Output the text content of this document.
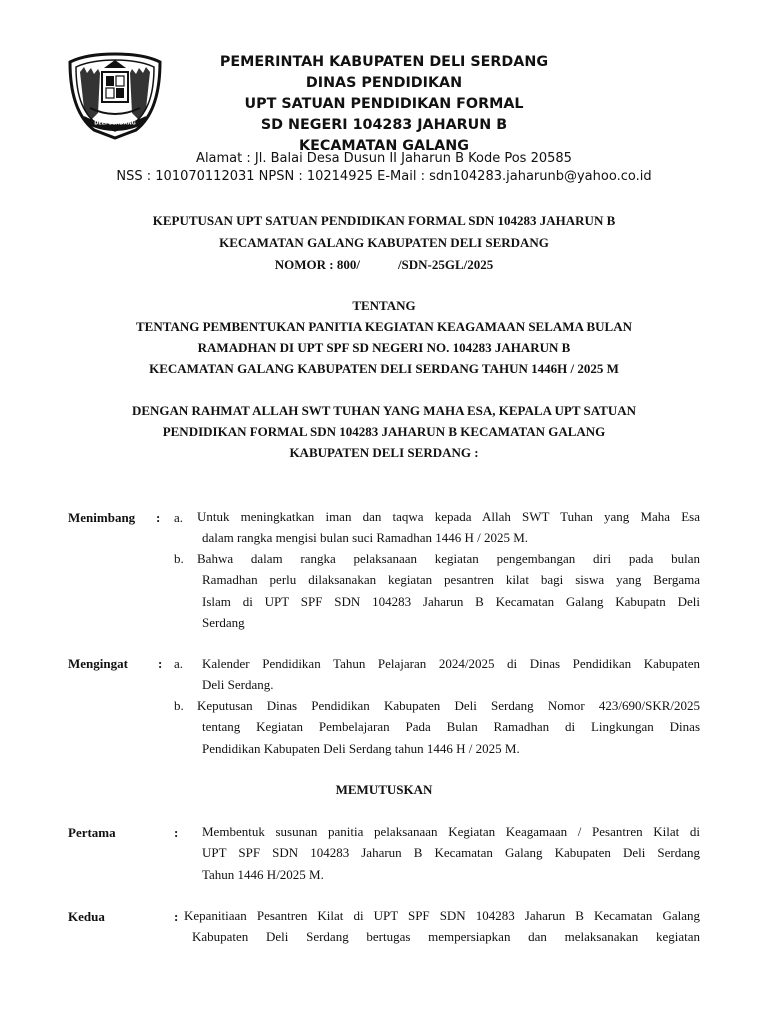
DELI SERDANG
PEMERINTAH KABUPATEN DELI SERDANG
DINAS PENDIDIKAN
UPT SATUAN PENDIDIKAN FORMAL
SD NEGERI 104283 JAHARUN B
KECAMATAN GALANG
Alamat : Jl. Balai Desa Dusun II Jaharun B Kode Pos 20585
NSS : 101070112031 NPSN : 10214925 E-Mail : sdn104283.jaharunb@yahoo.co.id
KEPUTUSAN UPT SATUAN PENDIDIKAN FORMAL SDN 104283 JAHARUN B
KECAMATAN GALANG KABUPATEN DELI SERDANG
NOMOR : 800/	/SDN-25GL/2025
TENTANG
TENTANG PEMBENTUKAN PANITIA KEGIATAN KEAGAMAAN SELAMA BULAN
RAMADHAN DI UPT SPF SD NEGERI NO. 104283 JAHARUN B
KECAMATAN GALANG KABUPATEN DELI SERDANG TAHUN 1446H / 2025 M
DENGAN RAHMAT ALLAH SWT TUHAN YANG MAHA ESA, KEPALA UPT SATUAN
PENDIDIKAN FORMAL SDN 104283 JAHARUN B KECAMATAN GALANG
KABUPATEN DELI SERDANG :
Menimbang : a. Untuk meningkatkan iman dan taqwa kepada Allah SWT Tuhan yang Maha Esa
dalam rangka mengisi bulan suci Ramadhan 1446 H / 2025 M.
b. Bahwa dalam rangka pelaksanaan kegiatan pengembangan diri pada bulan
Ramadhan perlu dilaksanakan kegiatan pesantren kilat bagi siswa yang Bergama
Islam di UPT SPF SDN 104283 Jaharun B Kecamatan Galang Kabupatn Deli
Serdang
Mengingat : a. Kalender Pendidikan Tahun Pelajaran 2024/2025 di Dinas Pendidikan Kabupaten
Deli Serdang.
b. Keputusan Dinas Pendidikan Kabupaten Deli Serdang Nomor 423/690/SKR/2025
tentang Kegiatan Pembelajaran Pada Bulan Ramadhan di Lingkungan Dinas
Pendidikan Kabupaten Deli Serdang tahun 1446 H / 2025 M.
MEMUTUSKAN
Pertama	: Membentuk susunan panitia pelaksanaan Kegiatan Keagamaan / Pesantren Kilat di
UPT SPF SDN 104283 Jaharun B Kecamatan Galang Kabupaten Deli Serdang
Tahun 1446 H/2025 M.
Kedua	: Kepanitiaan Pesantren Kilat di UPT SPF SDN 104283 Jaharun B Kecamatan Galang
Kabupaten Deli Serdang bertugas mempersiapkan dan melaksanakan kegiatan
